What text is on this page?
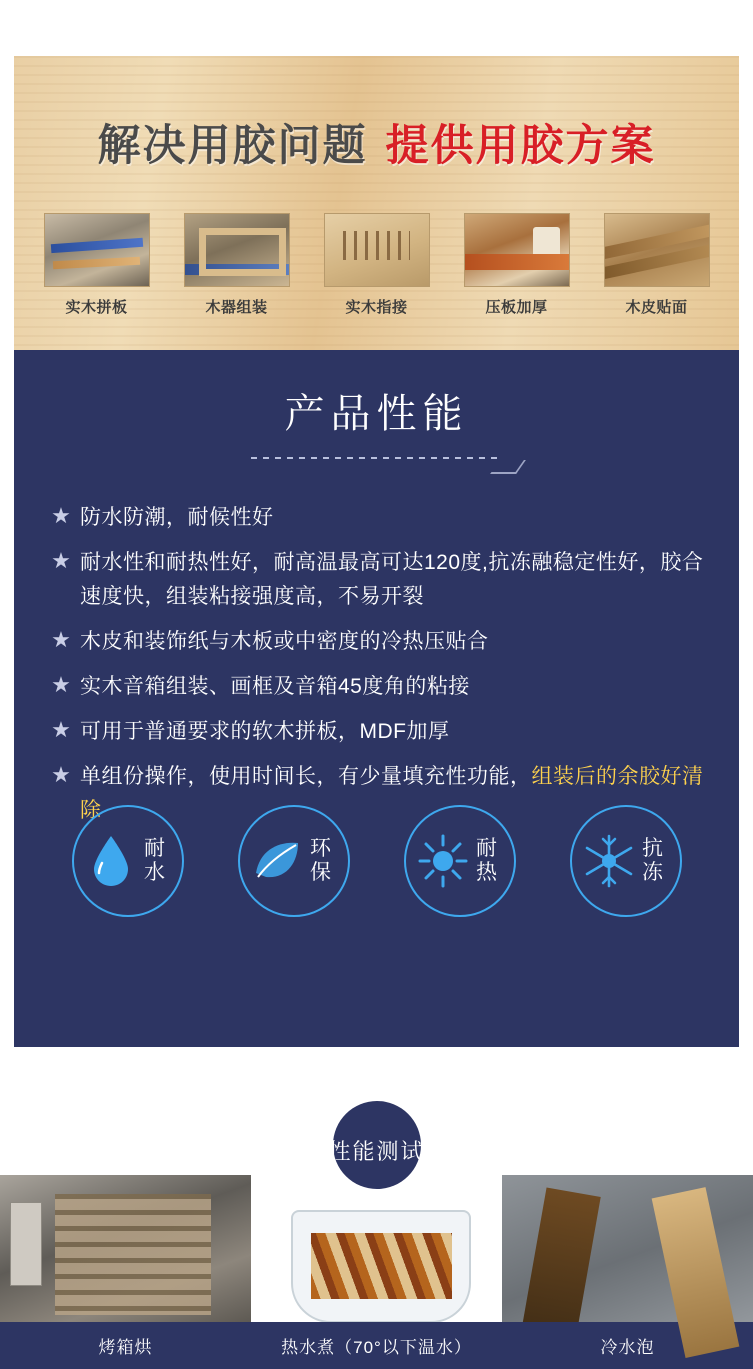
解决用胶问题 提供用胶方案
实木拼板	木器组装	实木指接	压板加厚	木皮贴面
产品性能
★ 防水防潮，耐候性好
★ 耐水性和耐热性好，耐高温最高可达120度,抗冻融稳定性好，胶合速度快，组装粘接强度高，不易开裂
★ 木皮和装饰纸与木板或中密度的冷热压贴合
★ 实木音箱组装、画框及音箱45度角的粘接
★ 可用于普通要求的软木拼板，MDF加厚
★ 单组份操作，使用时间长，有少量填充性功能，组装后的余胶好清除
耐水
环保
耐热
抗冻
性能测试
烤箱烘	热水煮（70°以下温水）	冷水泡
